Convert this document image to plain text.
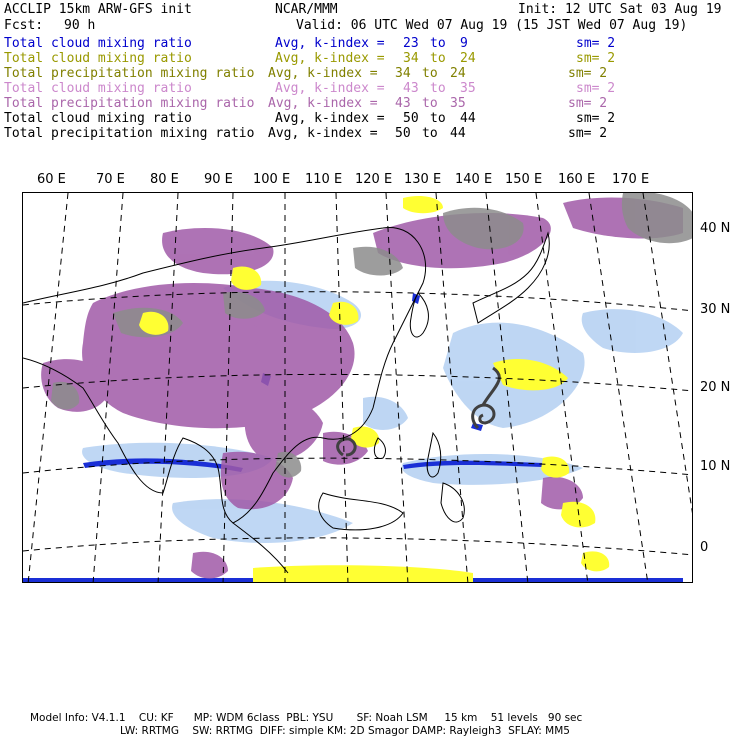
ACCLIP 15km ARW-GFS init	NCAR/MMM	Init: 12 UTC Sat 03 Aug 19
Fcst: 90 h	Valid: 06 UTC Wed 07 Aug 19 (15 JST Wed 07 Aug 19)
Total cloud mixing ratio	Avg, k-index = 23 to 9	sm= 2
Total cloud mixing ratio	Avg, k-index = 34 to 24	sm= 2
Total precipitation mixing ratio Avg, k-index = 34 to 24	sm= 2
Total cloud mixing ratio	Avg, k-index = 43 to 35	sm= 2
Total precipitation mixing ratio Avg, k-index = 43 to 35	sm= 2
Total cloud mixing ratio	Avg, k-index = 50 to 44	sm= 2
Total precipitation mixing ratio Avg, k-index = 50 to 44	sm= 2
60 E 70 E 80 E 90 E 100 E 110 E 120 E 130 E 140 E 150 E 160 E 170 E
40 N
30 N
20 N
10 N
0
Model Info: V4.1.1    CU: KF      MP: WDM 6class  PBL: YSU       SF: Noah LSM     15 km    51 levels   90 sec
LW: RRTMG    SW: RRTMG  DIFF: simple KM: 2D Smagor DAMP: Rayleigh3  SFLAY: MM5
